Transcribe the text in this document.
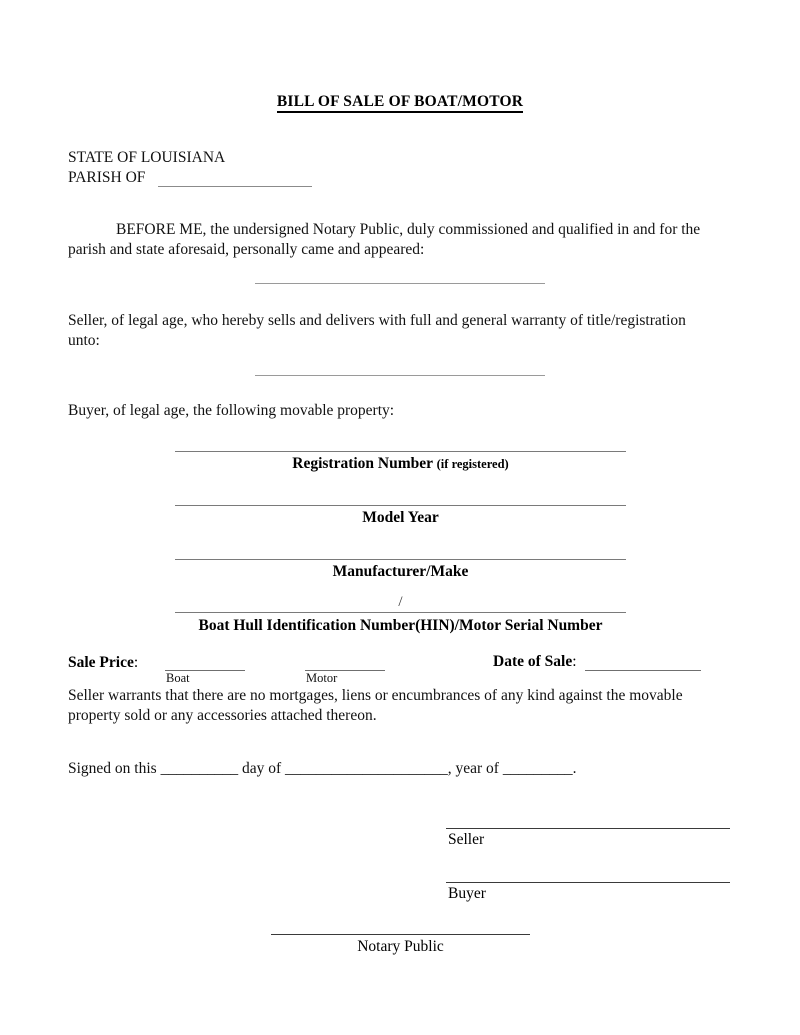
BILL OF SALE OF BOAT/MOTOR
STATE OF LOUISIANA
PARISH OF
BEFORE ME, the undersigned Notary Public, duly commissioned and qualified in and for the parish and state aforesaid, personally came and appeared:
Seller, of legal age, who hereby sells and delivers with full and general warranty of title/registration unto:
Buyer, of legal age, the following movable property:
Registration Number (if registered)
Model Year
Manufacturer/Make
/
Boat Hull Identification Number(HIN)/Motor Serial Number
Sale Price:
Boat	Motor
Date of Sale:
Seller warrants that there are no mortgages, liens or encumbrances of any kind against the movable property sold or any accessories attached thereon.
Signed on this __________ day of _____________________, year of _________.
Seller
Buyer
Notary Public
